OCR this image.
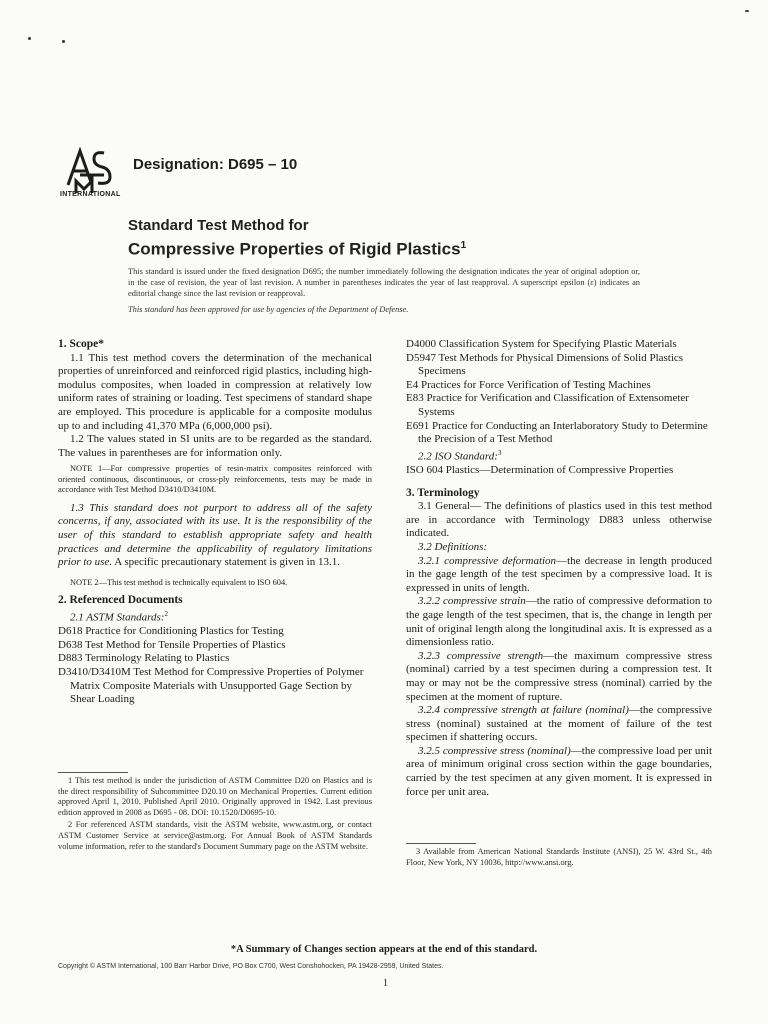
INTERNATIONAL
Designation: D695 – 10
Standard Test Method for
Compressive Properties of Rigid Plastics$^1$
This standard is issued under the fixed designation D695; the number immediately following the designation indicates the year of original adoption or, in the case of revision, the year of last revision. A number in parentheses indicates the year of last reapproval. A superscript epsilon (ε) indicates an editorial change since the last revision or reapproval.
This standard has been approved for use by agencies of the Department of Defense.

1. Scope*

1.1 This test method covers the determination of the mechanical properties of unreinforced and reinforced rigid plastics, including high-modulus composites, when loaded in compression at relatively low uniform rates of straining or loading. Test specimens of standard shape are employed. This procedure is applicable for a composite modulus up to and including 41,370 MPa (6,000,000 psi).

1.2 The values stated in SI units are to be regarded as the standard. The values in parentheses are for information only.

NOTE 1—For compressive properties of resin-matrix composites reinforced with oriented continuous, discontinuous, or cross-ply reinforcements, tests may be made in accordance with Test Method D3410/D3410M.

1.3 This standard does not purport to address all of the safety concerns, if any, associated with its use. It is the responsibility of the user of this standard to establish appropriate safety and health practices and determine the applicability of regulatory limitations prior to use. A specific precautionary statement is given in 13.1.

NOTE 2—This test method is technically equivalent to ISO 604.

2. Referenced Documents

2.1 ASTM Standards:$^2$

D618 Practice for Conditioning Plastics for Testing

D638 Test Method for Tensile Properties of Plastics

D883 Terminology Relating to Plastics

D3410/D3410M Test Method for Compressive Properties of Polymer Matrix Composite Materials with Unsupported Gage Section by Shear Loading

1 This test method is under the jurisdiction of ASTM Committee D20 on Plastics and is the direct responsibility of Subcommittee D20.10 on Mechanical Properties. Current edition approved April 1, 2010. Published April 2010. Originally approved in 1942. Last previous edition approved in 2008 as D695 - 08. DOI: 10.1520/D0695-10.

2 For referenced ASTM standards, visit the ASTM website, www.astm.org, or contact ASTM Customer Service at service@astm.org. For Annual Book of ASTM Standards volume information, refer to the standard's Document Summary page on the ASTM website.

D4000 Classification System for Specifying Plastic Materials

D5947 Test Methods for Physical Dimensions of Solid Plastics Specimens

E4 Practices for Force Verification of Testing Machines

E83 Practice for Verification and Classification of Extensometer Systems

E691 Practice for Conducting an Interlaboratory Study to Determine the Precision of a Test Method

2.2 ISO Standard:$^3$

ISO 604 Plastics—Determination of Compressive Properties

3. Terminology

3.1 General— The definitions of plastics used in this test method are in accordance with Terminology D883 unless otherwise indicated.

3.2 Definitions:

3.2.1 compressive deformation—the decrease in length produced in the gage length of the test specimen by a compressive load. It is expressed in units of length.

3.2.2 compressive strain—the ratio of compressive deformation to the gage length of the test specimen, that is, the change in length per unit of original length along the longitudinal axis. It is expressed as a dimensionless ratio.

3.2.3 compressive strength—the maximum compressive stress (nominal) carried by a test specimen during a compression test. It may or may not be the compressive stress (nominal) carried by the specimen at the moment of rupture.

3.2.4 compressive strength at failure (nominal)—the compressive stress (nominal) sustained at the moment of failure of the test specimen if shattering occurs.

3.2.5 compressive stress (nominal)—the compressive load per unit area of minimum original cross section within the gage boundaries, carried by the test specimen at any given moment. It is expressed in force per unit area.

3 Available from American National Standards Institute (ANSI), 25 W. 43rd St., 4th Floor, New York, NY 10036, http://www.ansi.org.

*A Summary of Changes section appears at the end of this standard.
Copyright © ASTM International, 100 Barr Harbor Drive, PO Box C700, West Conshohocken, PA 19428-2959, United States.
1
